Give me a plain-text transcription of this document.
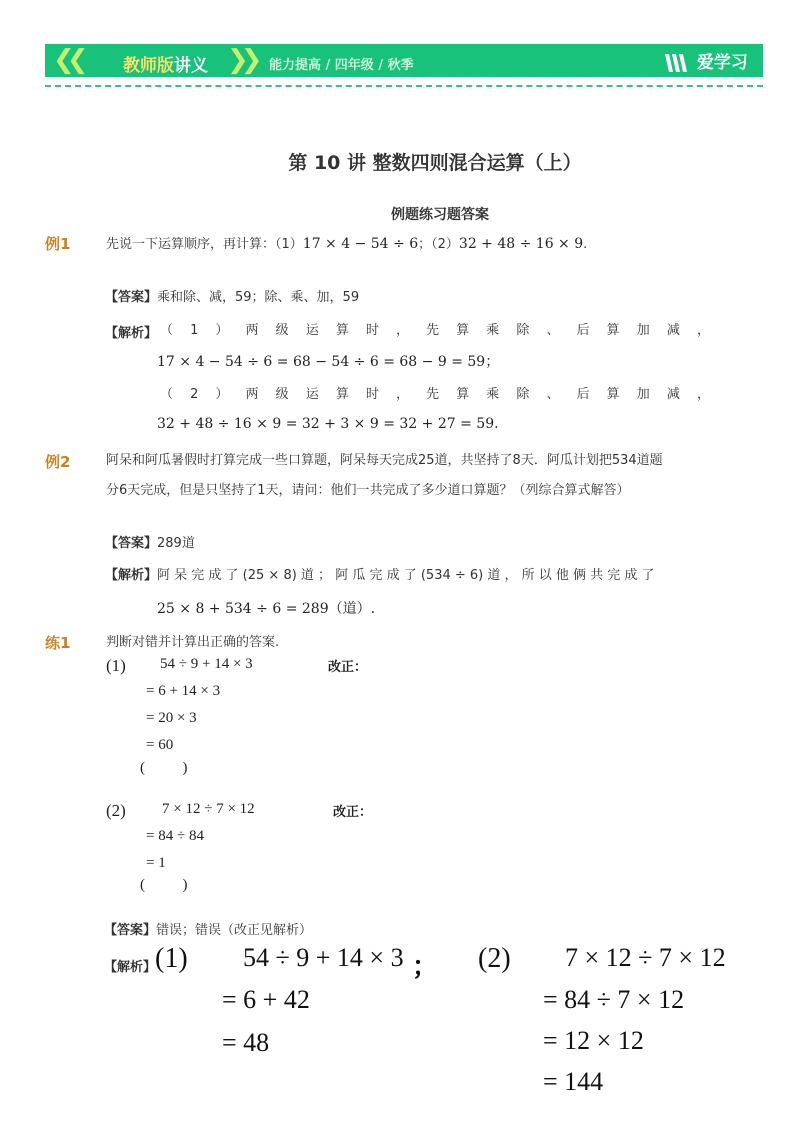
❮❮ 教师版讲义 ❯❯ 能力提高 / 四年级 / 秋季	爱学习
第 10 讲 整数四则混合运算（上）
例题练习题答案
例1	先说一下运算顺序，再计算：（1）17 × 4 − 54 ÷ 6；（2）32 + 48 ÷ 16 × 9.
【答案】乘和除、减，59；除、乘、加，59
【解析】 （ 1 ） 两 级 运 算 时 ， 先 算 乘 除 、 后 算 加 减 ，
17 × 4 − 54 ÷ 6 = 68 − 54 ÷ 6 = 68 − 9 = 59；
（ 2 ） 两 级 运 算 时 ， 先 算 乘 除 、 后 算 加 减 ，
32 + 48 ÷ 16 × 9 = 32 + 3 × 9 = 32 + 27 = 59.
例2	阿呆和阿瓜暑假时打算完成一些口算题，阿呆每天完成25道，共坚持了8天．阿瓜计划把534道题
分6天完成，但是只坚持了1天，请问：他们一共完成了多少道口算题？（列综合算式解答）
【答案】289道
【解析】阿 呆 完 成 了 (25 × 8) 道 ； 阿 瓜 完 成 了 (534 ÷ 6) 道 ， 所 以 他 俩 共 完 成 了
25 × 8 + 534 ÷ 6 = 289（道）.
练1	判断对错并计算出正确的答案.
(1) 54 ÷ 9 + 14 × 3	改正：
= 6 + 14 × 3
= 20 × 3
= 60
(          )
(2) 7 × 12 ÷ 7 × 12	改正：
= 84 ÷ 84
= 1
(          )
【答案】错误；错误（改正见解析）
【解析】
(1) 54 ÷ 9 + 14 × 3 ；
= 6 + 42
= 48
(2) 7 × 12 ÷ 7 × 12
= 84 ÷ 7 × 12
= 12 × 12
= 144
